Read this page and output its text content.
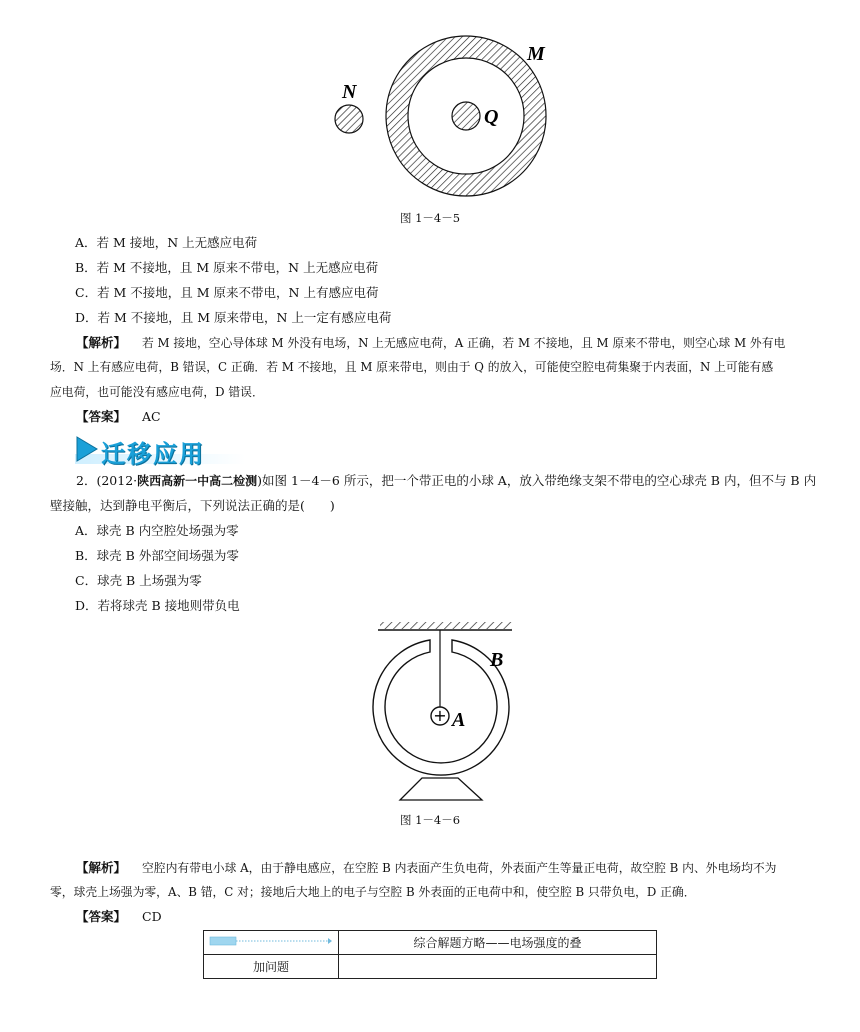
N
M
Q
图 1－4－5
A．若 M 接地，N 上无感应电荷
B．若 M 不接地，且 M 原来不带电，N 上无感应电荷
C．若 M 不接地，且 M 原来不带电，N 上有感应电荷
D．若 M 不接地，且 M 原来带电，N 上一定有感应电荷
【解析】 若 M 接地，空心导体球 M 外没有电场，N 上无感应电荷，A 正确，若 M 不接地，且 M 原来不带电，则空心球 M 外有电
场．N 上有感应电荷，B 错误，C 正确．若 M 不接地，且 M 原来带电，则由于 Q 的放入，可能使空腔电荷集聚于内表面，N 上可能有感
应电荷，也可能没有感应电荷，D 错误．
【答案】 AC
迁移应用
2．(2012·陕西高新一中高二检测)如图 1－4－6 所示，把一个带正电的小球 A，放入带绝缘支架不带电的空心球壳 B 内，但不与 B 内
壁接触，达到静电平衡后，下列说法正确的是(　　)
A．球壳 B 内空腔处场强为零
B．球壳 B 外部空间场强为零
C．球壳 B 上场强为零
D．若将球壳 B 接地则带负电
+ A
B
图 1－4－6
【解析】 空腔内有带电小球 A，由于静电感应，在空腔 B 内表面产生负电荷，外表面产生等量正电荷，故空腔 B 内、外电场均不为
零，球壳上场强为零，A、B 错，C 对；接地后大地上的电子与空腔 B 外表面的正电荷中和，使空腔 B 只带负电，D 正确．
【答案】 CD
	综合解题方略——电场强度的叠
加问题	
